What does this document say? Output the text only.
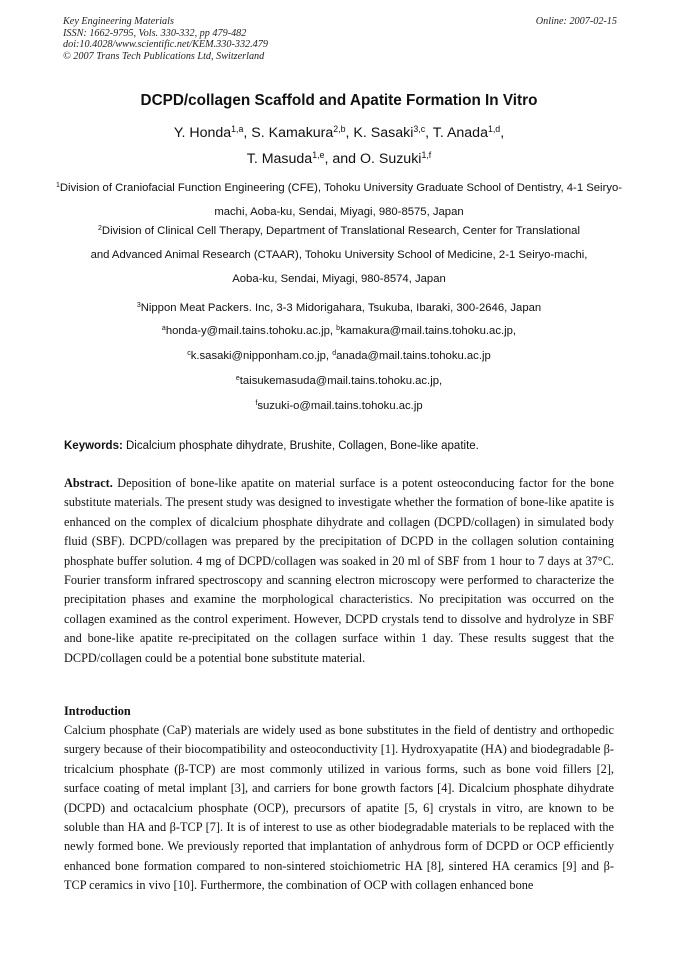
Key Engineering Materials
ISSN: 1662-9795, Vols. 330-332, pp 479-482
doi:10.4028/www.scientific.net/KEM.330-332.479
© 2007 Trans Tech Publications Ltd, Switzerland
Online: 2007-02-15
DCPD/collagen Scaffold and Apatite Formation In Vitro
Y. Honda$^{1,a}$, S. Kamakura$^{2,b}$, K. Sasaki$^{3,c}$, T. Anada$^{1,d}$,
T. Masuda$^{1,e}$, and O. Suzuki$^{1,f}$
$^1$Division of Craniofacial Function Engineering (CFE), Tohoku University Graduate School of Dentistry, 4-1 Seiryo-machi, Aoba-ku, Sendai, Miyagi, 980-8575, Japan
$^2$Division of Clinical Cell Therapy, Department of Translational Research, Center for Translational and Advanced Animal Research (CTAAR), Tohoku University School of Medicine, 2-1 Seiryo-machi, Aoba-ku, Sendai, Miyagi, 980-8574, Japan
$^3$Nippon Meat Packers. Inc, 3-3 Midorigahara, Tsukuba, Ibaraki, 300-2646, Japan
$^a$honda-y@mail.tains.tohoku.ac.jp, $^b$kamakura@mail.tains.tohoku.ac.jp,
$^c$k.sasaki@nipponham.co.jp, $^d$anada@mail.tains.tohoku.ac.jp
$^e$taisukemasuda@mail.tains.tohoku.ac.jp,
$^f$suzuki-o@mail.tains.tohoku.ac.jp
Keywords: Dicalcium phosphate dihydrate, Brushite, Collagen, Bone-like apatite.
Abstract. Deposition of bone-like apatite on material surface is a potent osteoconducing factor for the bone substitute materials. The present study was designed to investigate whether the formation of bone-like apatite is enhanced on the complex of dicalcium phosphate dihydrate and collagen (DCPD/collagen) in simulated body fluid (SBF). DCPD/collagen was prepared by the precipitation of DCPD in the collagen solution containing phosphate buffer solution. 4 mg of DCPD/collagen was soaked in 20 ml of SBF from 1 hour to 7 days at 37°C. Fourier transform infrared spectroscopy and scanning electron microscopy were performed to characterize the precipitation phases and examine the morphological characteristics. No precipitation was occurred on the collagen examined as the control experiment. However, DCPD crystals tend to dissolve and hydrolyze in SBF and bone-like apatite re-precipitated on the collagen surface within 1 day. These results suggest that the DCPD/collagen could be a potential bone substitute material.
Introduction
Calcium phosphate (CaP) materials are widely used as bone substitutes in the field of dentistry and orthopedic surgery because of their biocompatibility and osteoconductivity [1]. Hydroxyapatite (HA) and biodegradable β-tricalcium phosphate (β-TCP) are most commonly utilized in various forms, such as bone void fillers [2], surface coating of metal implant [3], and carriers for bone growth factors [4]. Dicalcium phosphate dihydrate (DCPD) and octacalcium phosphate (OCP), precursors of apatite [5, 6] crystals in vitro, are known to be soluble than HA and β-TCP [7]. It is of interest to use as other biodegradable materials to be replaced with the newly formed bone. We previously reported that implantation of anhydrous form of DCPD or OCP efficiently enhanced bone formation compared to non-sintered stoichiometric HA [8], sintered HA ceramics [9] and β-TCP ceramics in vivo [10]. Furthermore, the combination of OCP with collagen enhanced bone
